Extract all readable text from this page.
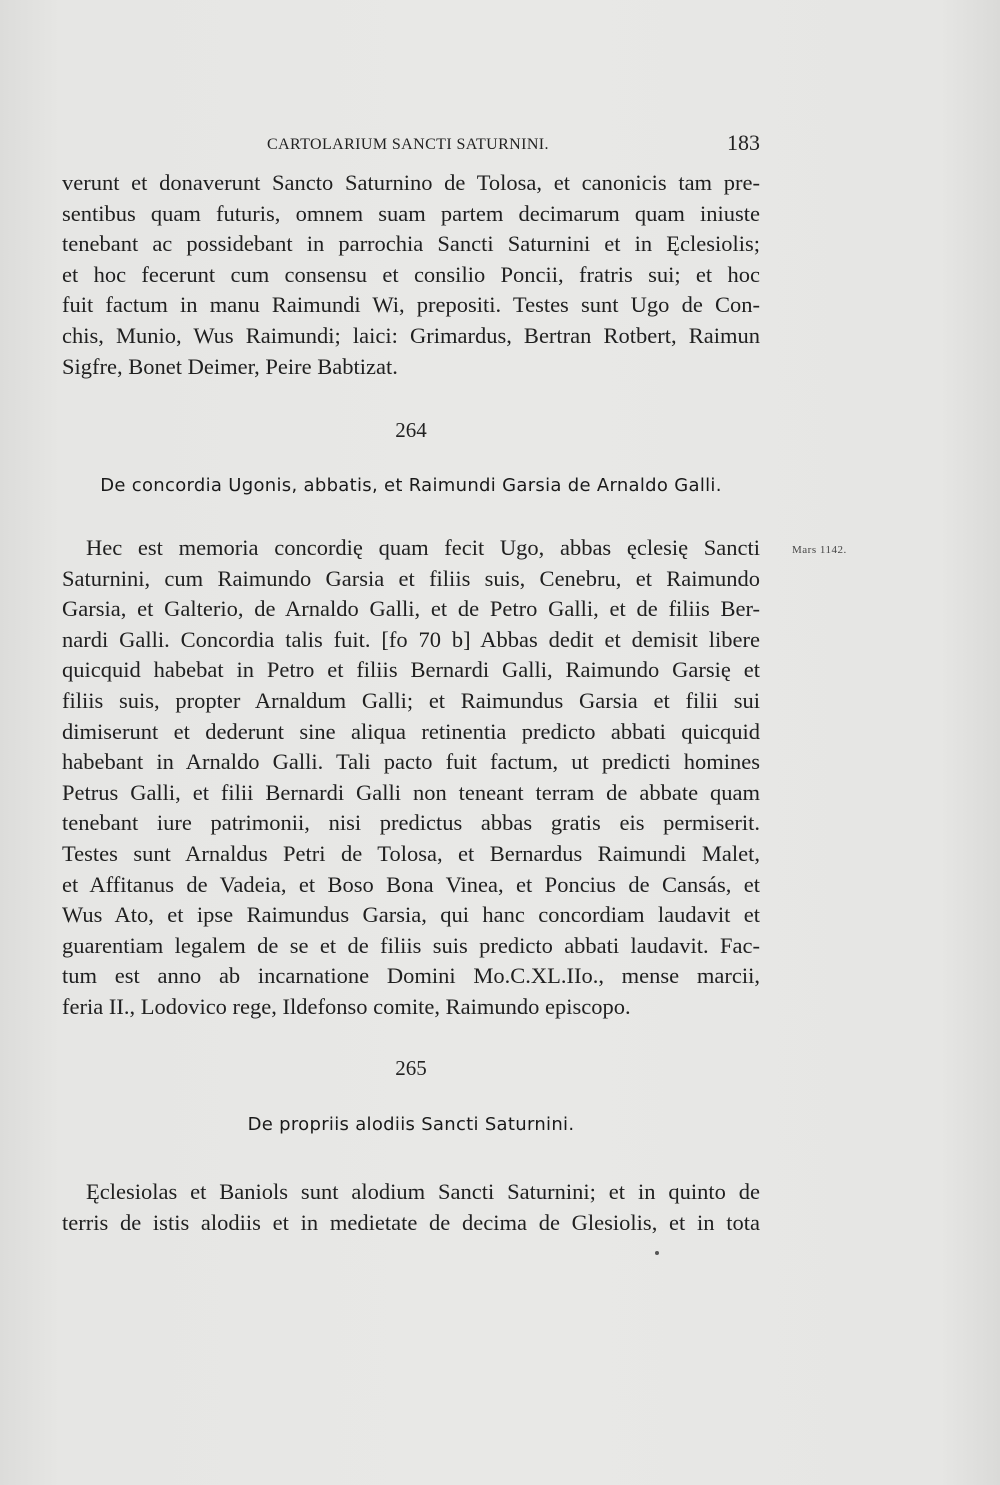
CARTOLARIUM SANCTI SATURNINI.	183
verunt et donaverunt Sancto Saturnino de Tolosa, et canonicis tam pre-
sentibus quam futuris, omnem suam partem decimarum quam iniuste
tenebant ac possidebant in parrochia Sancti Saturnini et in Ęclesiolis;
et hoc fecerunt cum consensu et consilio Poncii, fratris sui; et hoc
fuit factum in manu Raimundi Wi, prepositi. Testes sunt Ugo de Con-
chis, Munio, Wus Raimundi; laici: Grimardus, Bertran Rotbert, Raimun
Sigfre, Bonet Deimer, Peire Babtizat.
264
De concordia Ugonis, abbatis, et Raimundi Garsia de Arnaldo Galli.
Mars 1142.
Hec est memoria concordię quam fecit Ugo, abbas ęclesię Sancti
Saturnini, cum Raimundo Garsia et filiis suis, Cenebru, et Raimundo
Garsia, et Galterio, de Arnaldo Galli, et de Petro Galli, et de filiis Ber-
nardi Galli. Concordia talis fuit. [fo 70 b] Abbas dedit et demisit libere
quicquid habebat in Petro et filiis Bernardi Galli, Raimundo Garsię et
filiis suis, propter Arnaldum Galli; et Raimundus Garsia et filii sui
dimiserunt et dederunt sine aliqua retinentia predicto abbati quicquid
habebant in Arnaldo Galli. Tali pacto fuit factum, ut predicti homines
Petrus Galli, et filii Bernardi Galli non teneant terram de abbate quam
tenebant iure patrimonii, nisi predictus abbas gratis eis permiserit.
Testes sunt Arnaldus Petri de Tolosa, et Bernardus Raimundi Malet,
et Affitanus de Vadeia, et Boso Bona Vinea, et Poncius de Cansás, et
Wus Ato, et ipse Raimundus Garsia, qui hanc concordiam laudavit et
guarentiam legalem de se et de filiis suis predicto abbati laudavit. Fac-
tum est anno ab incarnatione Domini Mo.C.XL.IIo., mense marcii,
feria II., Lodovico rege, Ildefonso comite, Raimundo episcopo.
265
De propriis alodiis Sancti Saturnini.
Ęclesiolas et Baniols sunt alodium Sancti Saturnini; et in quinto de
terris de istis alodiis et in medietate de decima de Glesiolis, et in tota
